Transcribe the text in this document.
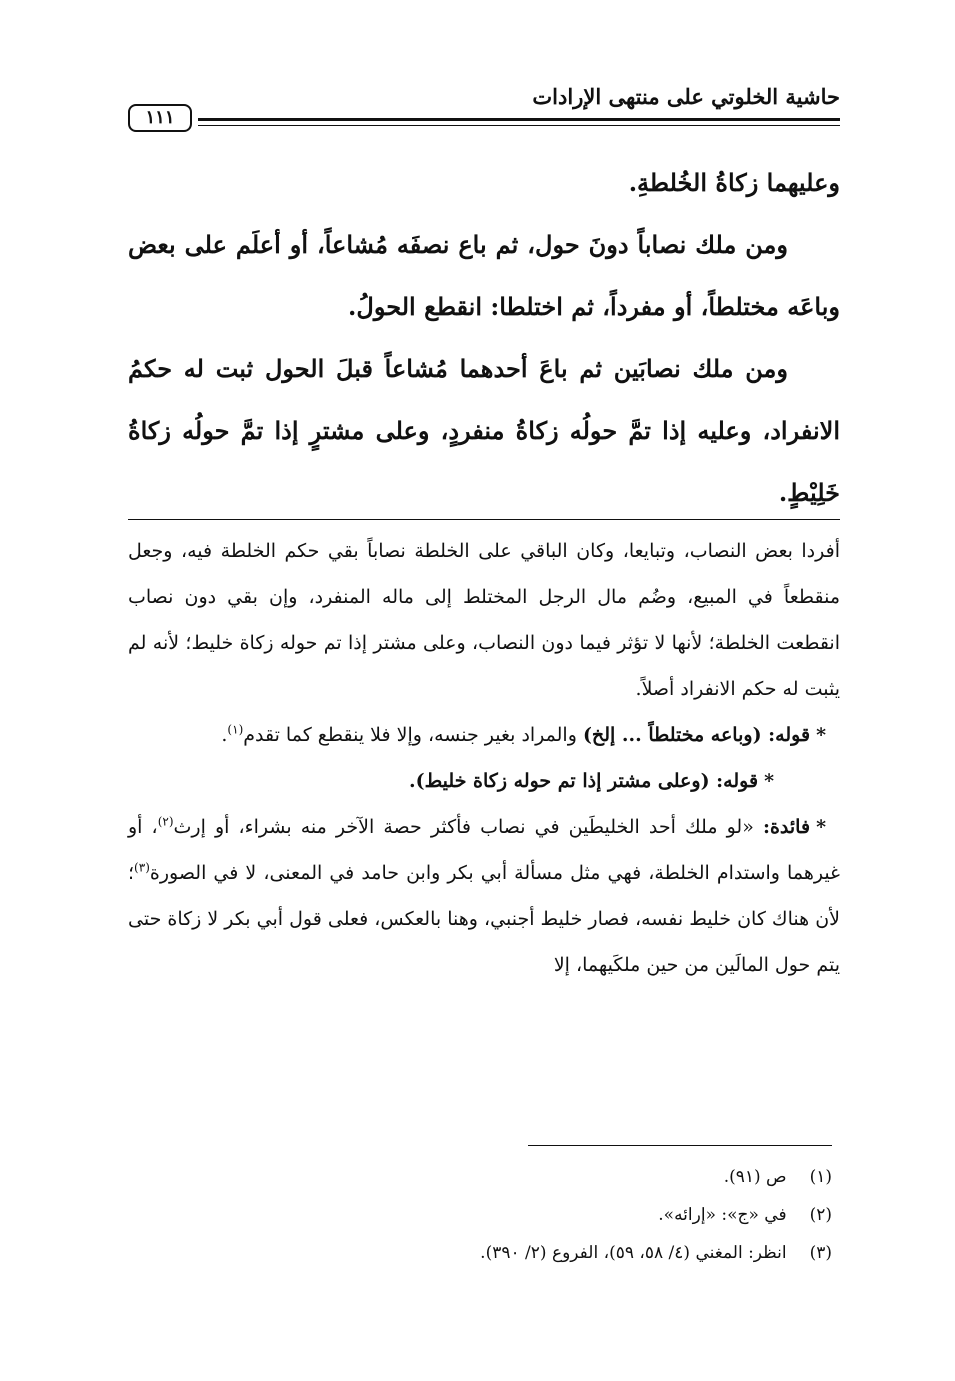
حاشية الخلوتي على منتهى الإرادات
١١١

وعليهما زكاةُ الخُلطةِ.

ومن ملك نصاباً دونَ حول، ثم باع نصفَه مُشاعاً، أو أعلَم على بعض وباعَه مختلطاً، أو مفرداً، ثم اختلطا: انقطع الحولُ.

ومن ملك نصابَين ثم باعَ أحدهما مُشاعاً قبلَ الحول ثبت له حكمُ الانفراد، وعليه إذا تمَّ حولُه زكاةُ منفردٍ، وعلى مشترٍ إذا تمَّ حولُه زكاةُ خَلِيْطٍ.

أفردا بعض النصاب، وتبايعا، وكان الباقي على الخلطة نصاباً بقي حكم الخلطة فيه، وجعل منقطعاً في المبيع، وضُم مال الرجل المختلط إلى ماله المنفرد، وإن بقي دون نصاب انقطعت الخلطة؛ لأنها لا تؤثر فيما دون النصاب، وعلى مشتر إذا تم حوله زكاة خليط؛ لأنه لم يثبت له حكم الانفراد أصلاً.

*قوله: (وباعه مختلطاً ... إلخ) والمراد بغير جنسه، وإلا فلا ينقطع كما تقدم$^{(١)}$.

*قوله: (وعلى مشتر إذا تم حوله زكاة خليط).

*فائدة: «لو ملك أحد الخليطَين في نصاب فأكثر حصة الآخر منه بشراء، أو إرث$^{(٢)}$، أو غيرهما واستدام الخلطة، فهي مثل مسألة أبي بكر وابن حامد في المعنى، لا في الصورة$^{(٣)}$؛ لأن هناك كان خليط نفسه، فصار خليط أجنبي، وهنا بالعكس، فعلى قول أبي بكر لا زكاة حتى يتم حول المالَين من حين ملكَيهما، إلا

(١) ص (٩١).
(٢) في «ج»: «إرائه».
(٣) انظر: المغني (٤/ ٥٨، ٥٩)، الفروع (٢/ ٣٩٠).
